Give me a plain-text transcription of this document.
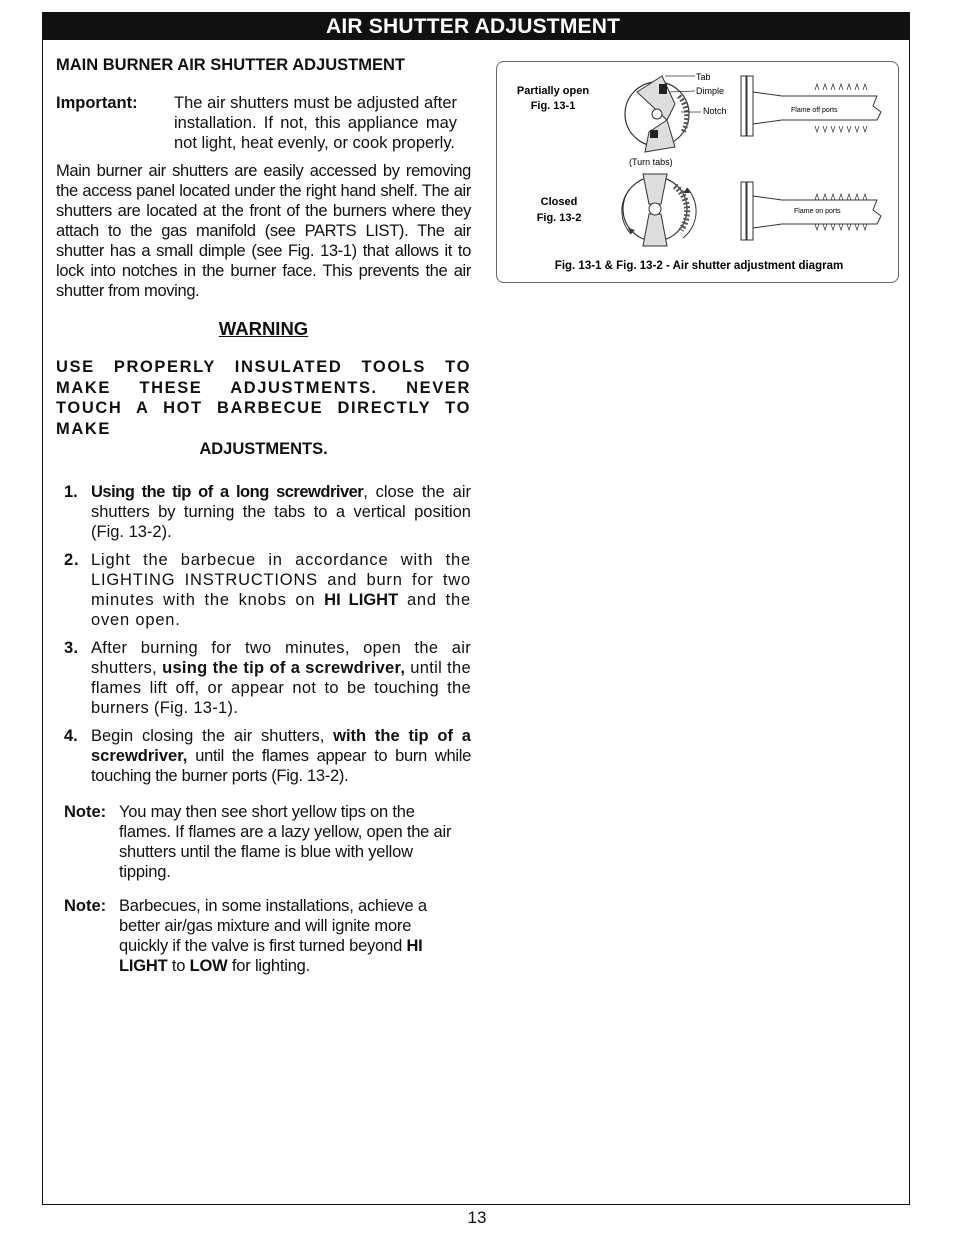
AIR SHUTTER ADJUSTMENT
MAIN BURNER AIR SHUTTER ADJUSTMENT
Important:	The air shutters must be adjusted after installation. If not, this appliance may not light, heat evenly, or cook properly.

Main burner air shutters are easily accessed by removing the access panel located under the right hand shelf. The air shutters are located at the front of the burners where they attach to the gas manifold (see PARTS LIST). The air shutter has a small dimple (see Fig. 13-1) that allows it to lock into notches in the burner face. This prevents the air shutter from moving.

WARNING
USE PROPERLY INSULATED TOOLS TO MAKE THESE ADJUSTMENTS. NEVER TOUCH A HOT BARBECUE DIRECTLY TO MAKE
ADJUSTMENTS.
1. Using the tip of a long screwdriver, close the air shutters by turning the tabs to a vertical position (Fig. 13-2).
2. Light the barbecue in accordance with the LIGHTING INSTRUCTIONS and burn for two minutes with the knobs on HI LIGHT and the oven open.
3. After burning for two minutes, open the air shutters, using the tip of a screwdriver, until the flames lift off, or appear not to be touching the burners (Fig. 13-1).
4. Begin closing the air shutters, with the tip of a screwdriver, until the flames appear to burn while touching the burner ports (Fig. 13-2).
Note: You may then see short yellow tips on the flames. If flames are a lazy yellow, open the air shutters until the flame is blue with yellow tipping.
Note: Barbecues, in some installations, achieve a better air/gas mixture and will ignite more quickly if the valve is first turned beyond HI LIGHT to LOW for lighting.
Partially open
Fig. 13-1
Tab
Dimple
Notch	Flame off ports
(Turn tabs)
Closed
Fig. 13-2
Flame on ports
Fig. 13-1 & Fig. 13-2 - Air shutter adjustment diagram
13
